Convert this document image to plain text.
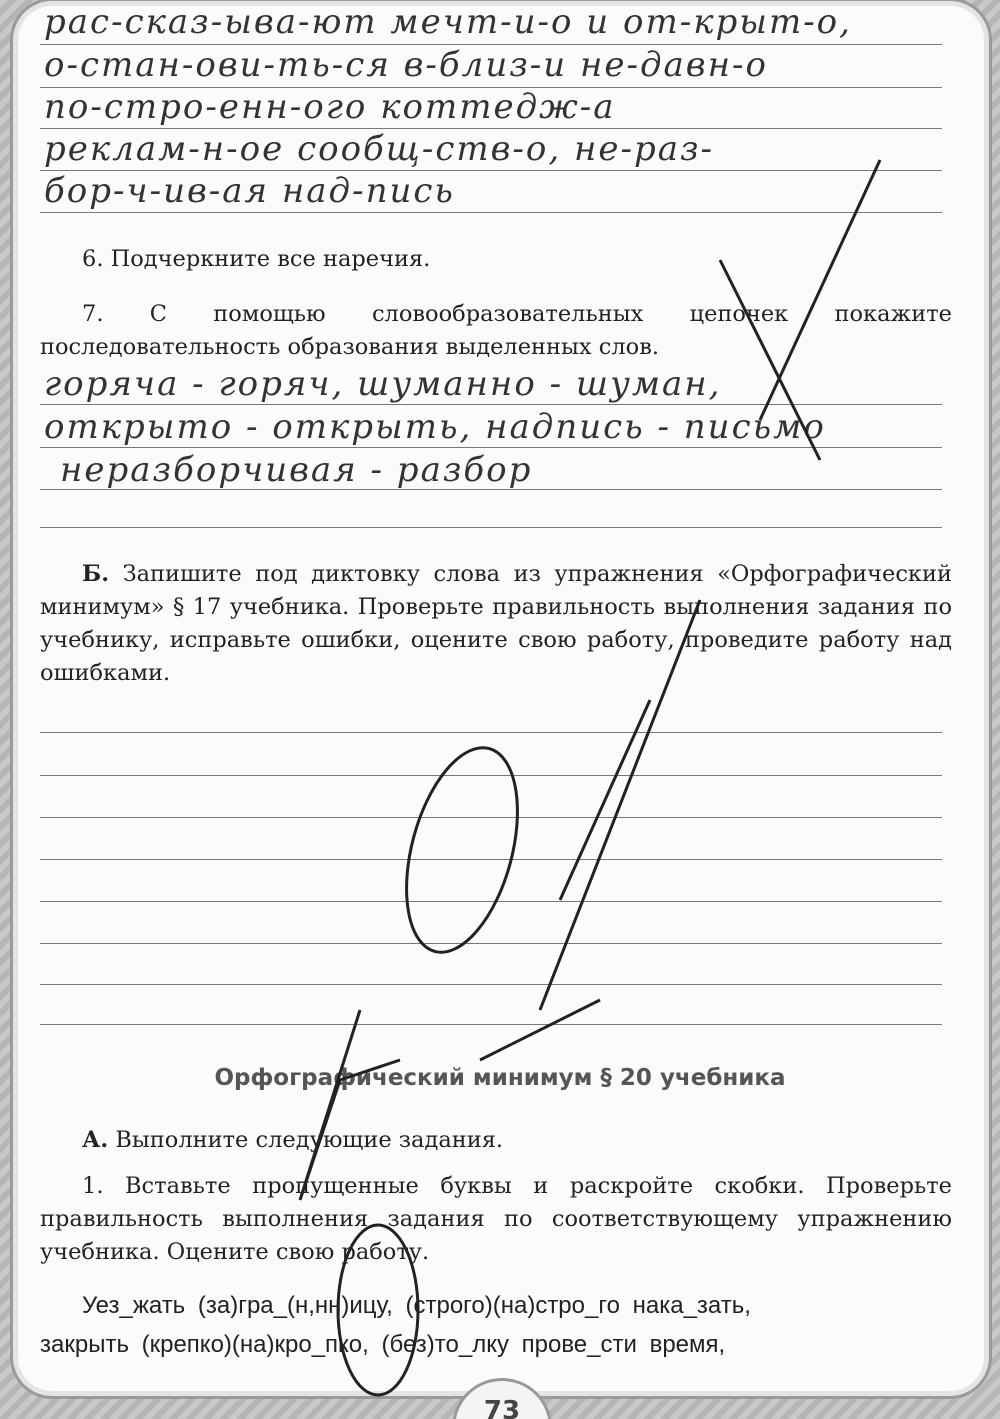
рас-сказ-ыва-ют мечт-и-о и от-крыт-о,
о-стан-ови-ть-ся в-близ-и не-давн-о
по-стро-енн-ого коттедж-а
реклам-н-ое сообщ-ств-о, не-раз-
бор-ч-ив-ая над-пись
6. Подчеркните все наречия.
7. С помощью словообразовательных цепочек покажите последовательность образования выделенных слов.
горяча - горяч, шуманно - шуман,
открыто - открыть, надпись - письмо
неразборчивая - разбор
Б. Запишите под диктовку слова из упражнения «Орфографический минимум» § 17 учебника. Проверьте правильность выполнения задания по учебнику, исправьте ошибки, оцените свою работу, проведите работу над ошибками.
Орфографический минимум § 20 учебника
А. Выполните следующие задания.
1. Вставьте пропущенные буквы и раскройте скобки. Проверьте правильность выполнения задания по соответствующему упражнению учебника. Оцените свою работу.
Уез_жать (за)гра_(н,нн)ицу, (строго)(на)стро_го нака_зать,
закрыть (крепко)(на)кро_пко, (без)то_лку прове_сти время,
73
